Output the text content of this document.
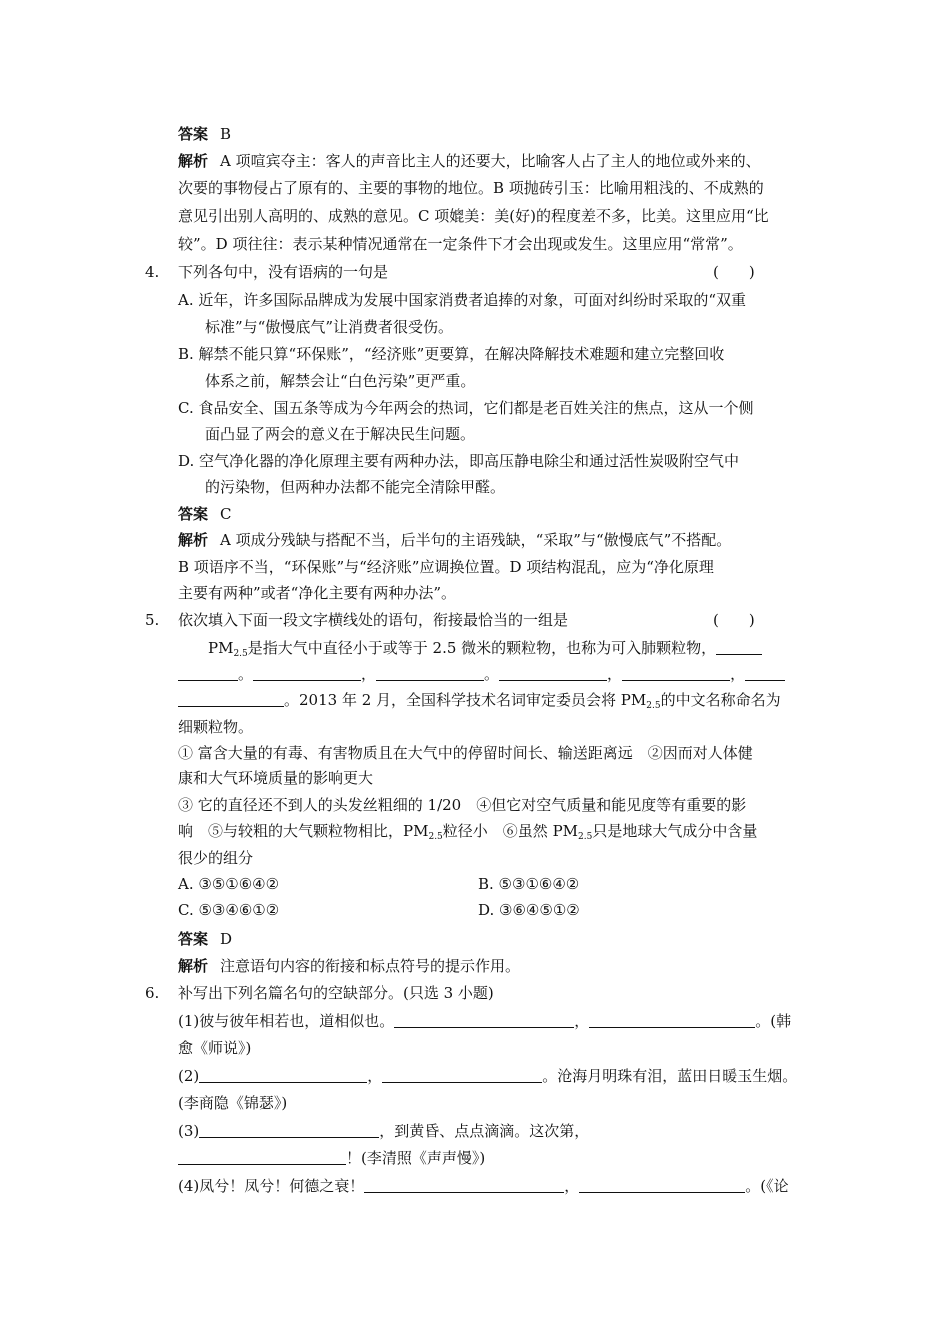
答案 B
解析 A 项喧宾夺主：客人的声音比主人的还要大，比喻客人占了主人的地位或外来的、
次要的事物侵占了原有的、主要的事物的地位。B 项抛砖引玉：比喻用粗浅的、不成熟的
意见引出别人高明的、成熟的意见。C 项媲美：美(好)的程度差不多，比美。这里应用“比
较”。D 项往往：表示某种情况通常在一定条件下才会出现或发生。这里应用“常常”。
4. 下列各句中，没有语病的一句是	(　　)
A. 近年，许多国际品牌成为发展中国家消费者追捧的对象，可面对纠纷时采取的“双重
标准”与“傲慢底气”让消费者很受伤。
B. 解禁不能只算“环保账”，“经济账”更要算，在解决降解技术难题和建立完整回收
体系之前，解禁会让“白色污染”更严重。
C. 食品安全、国五条等成为今年两会的热词，它们都是老百姓关注的焦点，这从一个侧
面凸显了两会的意义在于解决民生问题。
D. 空气净化器的净化原理主要有两种办法，即高压静电除尘和通过活性炭吸附空气中
的污染物，但两种办法都不能完全清除甲醛。
答案 C
解析 A 项成分残缺与搭配不当，后半句的主语残缺，“采取”与“傲慢底气”不搭配。
B 项语序不当，“环保账”与“经济账”应调换位置。D 项结构混乱，应为“净化原理
主要有两种”或者“净化主要有两种办法”。
5. 依次填入下面一段文字横线处的语句，衔接最恰当的一组是	(　　)
$PM_{2.5}$是指大气中直径小于或等于 2.5 微米的颗粒物，也称为可入肺颗粒物，
。	，	。	，	，
。2013 年 2 月，全国科学技术名词审定委员会将 $PM_{2.5}$的中文名称命名为
细颗粒物。
① 富含大量的有毒、有害物质且在大气中的停留时间长、输送距离远　②因而对人体健
康和大气环境质量的影响更大
③ 它的直径还不到人的头发丝粗细的 1/20　④但它对空气质量和能见度等有重要的影
响　⑤与较粗的大气颗粒物相比，$PM_{2.5}$粒径小　⑥虽然 $PM_{2.5}$只是地球大气成分中含量
很少的组分
A. ③⑤①⑥④②	B. ⑤③①⑥④②
C. ⑤③④⑥①②	D. ③⑥④⑤①②
答案 D
解析 注意语句内容的衔接和标点符号的提示作用。
6. 补写出下列名篇名句的空缺部分。(只选 3 小题)
(1)彼与彼年相若也，道相似也。	，	。(韩
愈《师说》)
(2)	，	。沧海月明珠有泪，蓝田日暖玉生烟。
(李商隐《锦瑟》)
(3)	，到黄昏、点点滴滴。这次第，
！(李清照《声声慢》)
(4)凤兮！凤兮！何德之衰！	，	。(《论
